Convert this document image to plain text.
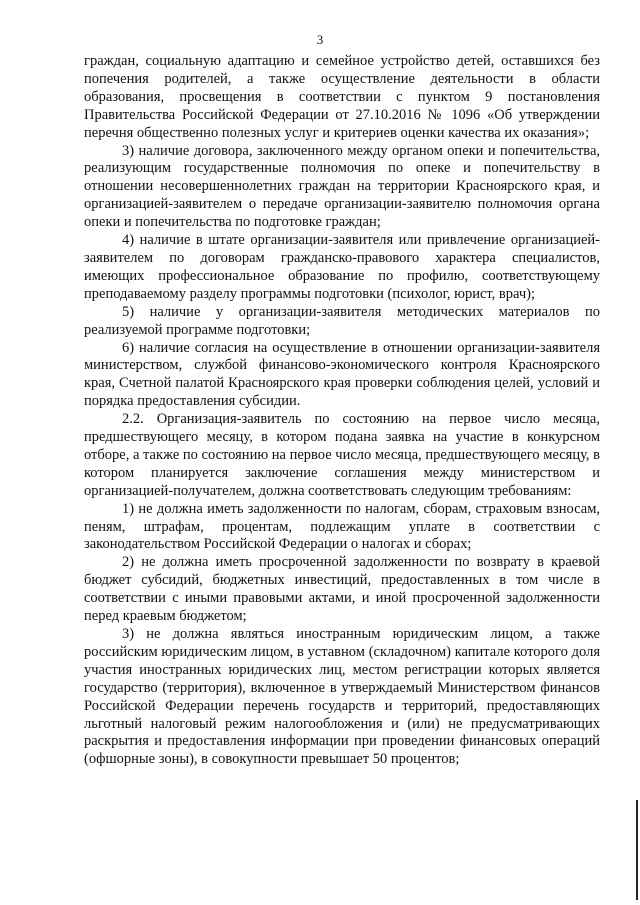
3

граждан, социальную адаптацию и семейное устройство детей, оставшихся без попечения родителей, а также осуществление деятельности в области образования, просвещения в соответствии с пунктом 9 постановления Правительства Российской Федерации от 27.10.2016 № 1096 «Об утверждении перечня общественно полезных услуг и критериев оценки качества их оказания»;

3) наличие договора, заключенного между органом опеки и попечительства, реализующим государственные полномочия по опеке и попечительству в отношении несовершеннолетних граждан на территории Красноярского края, и организацией-заявителем о передаче организации-заявителю полномочия органа опеки и попечительства по подготовке граждан;

4) наличие в штате организации-заявителя или привлечение организацией-заявителем по договорам гражданско-правового характера специалистов, имеющих профессиональное образование по профилю, соответствующему преподаваемому разделу программы подготовки (психолог, юрист, врач);

5) наличие у организации-заявителя методических материалов по реализуемой программе подготовки;

6) наличие согласия на осуществление в отношении организации-заявителя министерством, службой финансово-экономического контроля Красноярского края, Счетной палатой Красноярского края проверки соблюдения целей, условий и порядка предоставления субсидии.

2.2. Организация-заявитель по состоянию на первое число месяца, предшествующего месяцу, в котором подана заявка на участие в конкурсном отборе, а также по состоянию на первое число месяца, предшествующего месяцу, в котором планируется заключение соглашения между министерством и организацией-получателем, должна соответствовать следующим требованиям:

1) не должна иметь задолженности по налогам, сборам, страховым взносам, пеням, штрафам, процентам, подлежащим уплате в соответствии с законодательством Российской Федерации о налогах и сборах;

2) не должна иметь просроченной задолженности по возврату в краевой бюджет субсидий, бюджетных инвестиций, предоставленных в том числе в соответствии с иными правовыми актами, и иной просроченной задолженности перед краевым бюджетом;

3) не должна являться иностранным юридическим лицом, а также российским юридическим лицом, в уставном (складочном) капитале которого доля участия иностранных юридических лиц, местом регистрации которых является государство (территория), включенное в утверждаемый Министерством финансов Российской Федерации перечень государств и территорий, предоставляющих льготный налоговый режим налогообложения и (или) не предусматривающих раскрытия и предоставления информации при проведении финансовых операций (офшорные зоны), в совокупности превышает 50 процентов;
